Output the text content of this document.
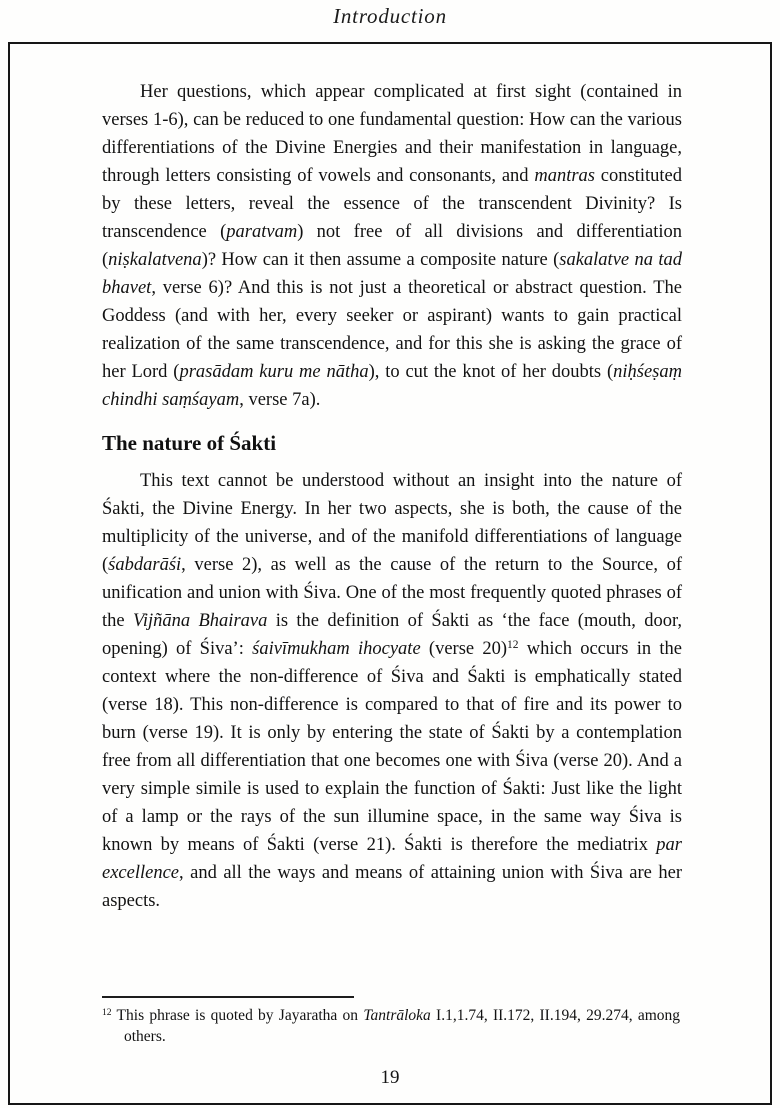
Introduction

Her questions, which appear complicated at first sight (contained in verses 1-6), can be reduced to one fundamental question: How can the various differentiations of the Divine Energies and their manifestation in language, through letters consisting of vowels and consonants, and mantras constituted by these letters, reveal the essence of the transcendent Divinity? Is transcendence (paratvam) not free of all divisions and differentiation (niṣkalatvena)? How can it then assume a composite nature (sakalatve na tad bhavet, verse 6)? And this is not just a theoretical or abstract question. The Goddess (and with her, every seeker or aspirant) wants to gain practical realization of the same transcendence, and for this she is asking the grace of her Lord (prasādam kuru me nātha), to cut the knot of her doubts (niḥśeṣaṃ chindhi saṃśayam, verse 7a).

The nature of Śakti

This text cannot be understood without an insight into the nature of Śakti, the Divine Energy. In her two aspects, she is both, the cause of the multiplicity of the universe, and of the manifold differentiations of language (śabdarāśi, verse 2), as well as the cause of the return to the Source, of unification and union with Śiva. One of the most frequently quoted phrases of the Vijñāna Bhairava is the definition of Śakti as ‘the face (mouth, door, opening) of Śiva’: śaivīmukham ihocyate (verse 20)$^{12}$ which occurs in the context where the non-difference of Śiva and Śakti is emphatically stated (verse 18). This non-difference is compared to that of fire and its power to burn (verse 19). It is only by entering the state of Śakti by a contemplation free from all differentiation that one becomes one with Śiva (verse 20). And a very simple simile is used to explain the function of Śakti: Just like the light of a lamp or the rays of the sun illumine space, in the same way Śiva is known by means of Śakti (verse 21). Śakti is therefore the mediatrix par excellence, and all the ways and means of attaining union with Śiva are her aspects.

$^{12}$ This phrase is quoted by Jayaratha on Tantrāloka I.1,1.74, II.172, II.194, 29.274, among others.

19
